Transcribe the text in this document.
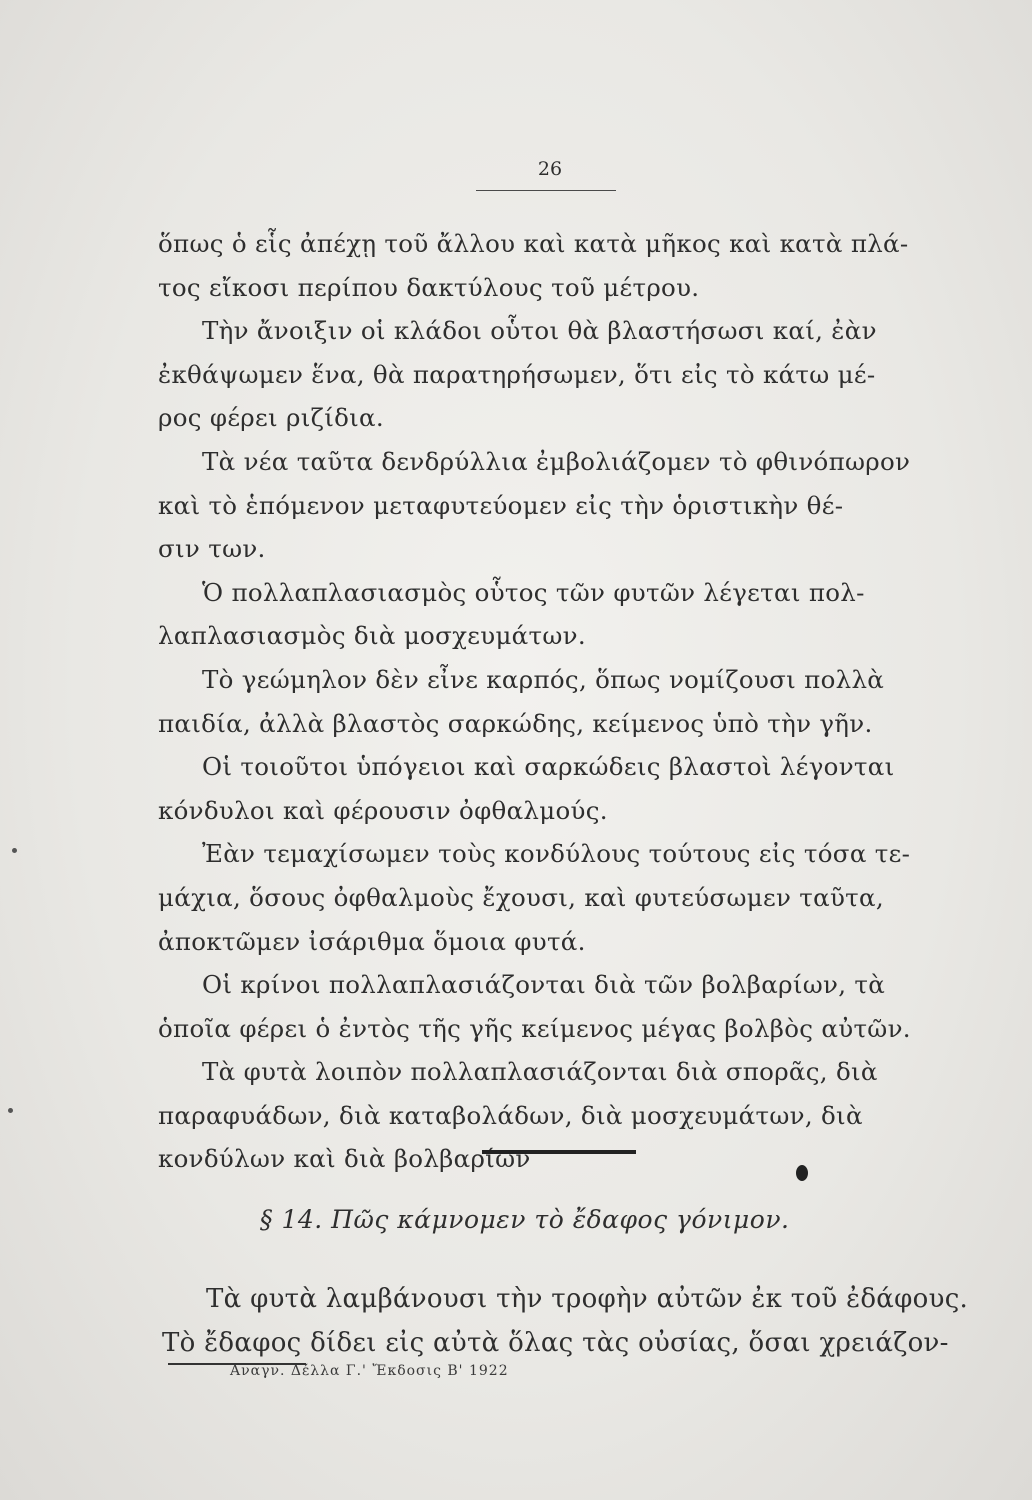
26
ὅπως ὁ εἷς ἀπέχῃ τοῦ ἄλλου καὶ κατὰ μῆκος καὶ κατὰ πλά-
τος εἴκοσι περίπου δακτύλους τοῦ μέτρου.
Τὴν ἄνοιξιν οἱ κλάδοι οὗτοι θὰ βλαστήσωσι καί, ἐὰν
ἐκθάψωμεν ἕνα, θὰ παρατηρήσωμεν, ὅτι εἰς τὸ κάτω μέ-
ρος φέρει ριζίδια.
Τὰ νέα ταῦτα δενδρύλλια ἐμβολιάζομεν τὸ φθινόπωρον
καὶ τὸ ἑπόμενον μεταφυτεύομεν εἰς τὴν ὁριστικὴν θέ-
σιν των.
Ὁ πολλαπλασιασμὸς οὗτος τῶν φυτῶν λέγεται πολ-
λαπλασιασμὸς διὰ μοσχευμάτων.
Τὸ γεώμηλον δὲν εἶνε καρπός, ὅπως νομίζουσι πολλὰ
παιδία, ἀλλὰ βλαστὸς σαρκώδης, κείμενος ὑπὸ τὴν γῆν.
Οἱ τοιοῦτοι ὑπόγειοι καὶ σαρκώδεις βλαστοὶ λέγονται
κόνδυλοι καὶ φέρουσιν ὀφθαλμούς.
Ἐὰν τεμαχίσωμεν τοὺς κονδύλους τούτους εἰς τόσα τε-
μάχια, ὅσους ὀφθαλμοὺς ἔχουσι, καὶ φυτεύσωμεν ταῦτα,
ἀποκτῶμεν ἰσάριθμα ὅμοια φυτά.
Οἱ κρίνοι πολλαπλασιάζονται διὰ τῶν βολβαρίων, τὰ
ὁποῖα φέρει ὁ ἐντὸς τῆς γῆς κείμενος μέγας βολβὸς αὐτῶν.
Τὰ φυτὰ λοιπὸν πολλαπλασιάζονται διὰ σπορᾶς, διὰ
παραφυάδων, διὰ καταβολάδων, διὰ μοσχευμάτων, διὰ
κονδύλων καὶ διὰ βολβαρίων
§ 14. Πῶς κάμνομεν τὸ ἔδαφος γόνιμον.
Τὰ φυτὰ λαμβάνουσι τὴν τροφὴν αὐτῶν ἐκ τοῦ ἐδάφους.
Τὸ ἔδαφος δίδει εἰς αὐτὰ ὅλας τὰς οὐσίας, ὅσαι χρειάζον-
Αναγν. Δέλλα Γ.' Ἔκδοσις Β' 1922
